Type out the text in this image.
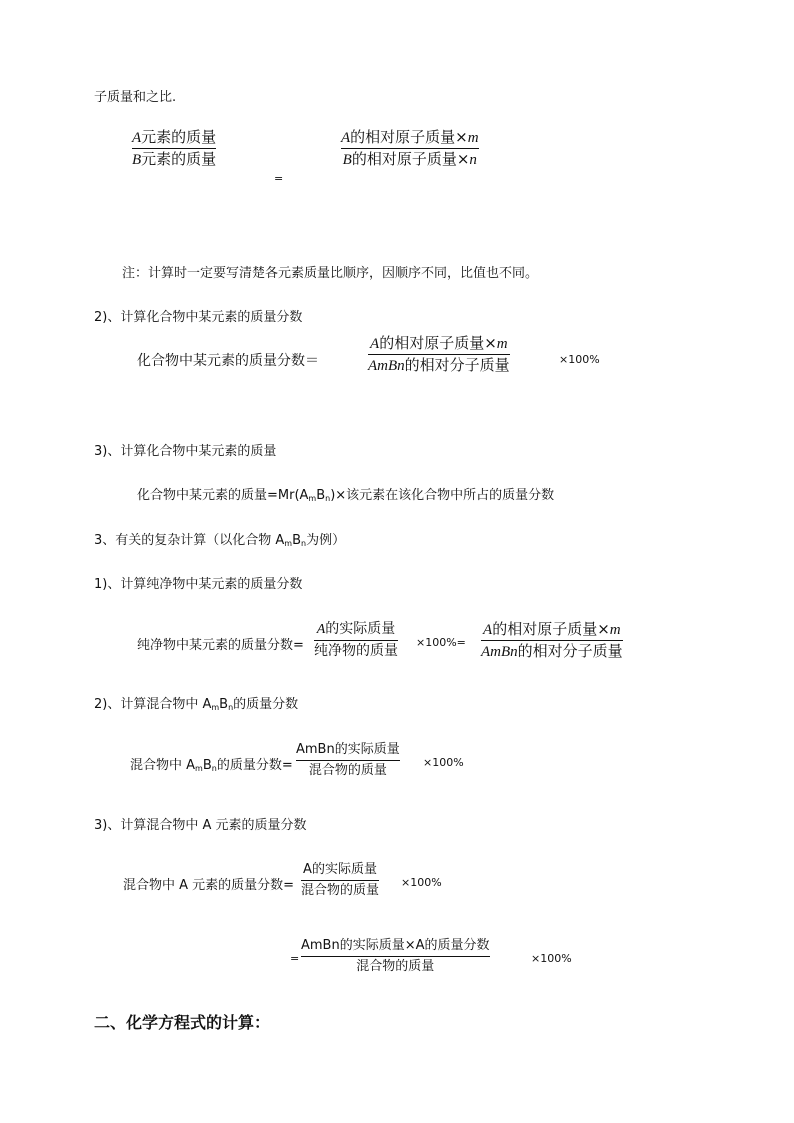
子质量和之比.
A元素的质量
B元素的质量
=
A的相对原子质量×m
B的相对原子质量×n
注：计算时一定要写清楚各元素质量比顺序，因顺序不同，比值也不同。
2)、计算化合物中某元素的质量分数
化合物中某元素的质量分数＝
A的相对原子质量×m
AmBn的相对分子质量	×100%
3)、计算化合物中某元素的质量
化合物中某元素的质量$=Mr(A_mB_n)\times$该元素在该化合物中所占的质量分数
3、有关的复杂计算（以化合物 $A_mB_n$为例）
1)、计算纯净物中某元素的质量分数
纯净物中某元素的质量分数=
A的实际质量
纯净物的质量
×100%=
A的相对原子质量×m
AmBn的相对分子质量
2)、计算混合物中 $A_mB_n$的质量分数
混合物中 $A_mB_n$的质量分数=
AmBn的实际质量
混合物的质量
×100%
3)、计算混合物中 A 元素的质量分数
混合物中 A 元素的质量分数=
A的实际质量
混合物的质量
×100%
=
AmBn的实际质量×A的质量分数
混合物的质量
×100%
二、化学方程式的计算：
